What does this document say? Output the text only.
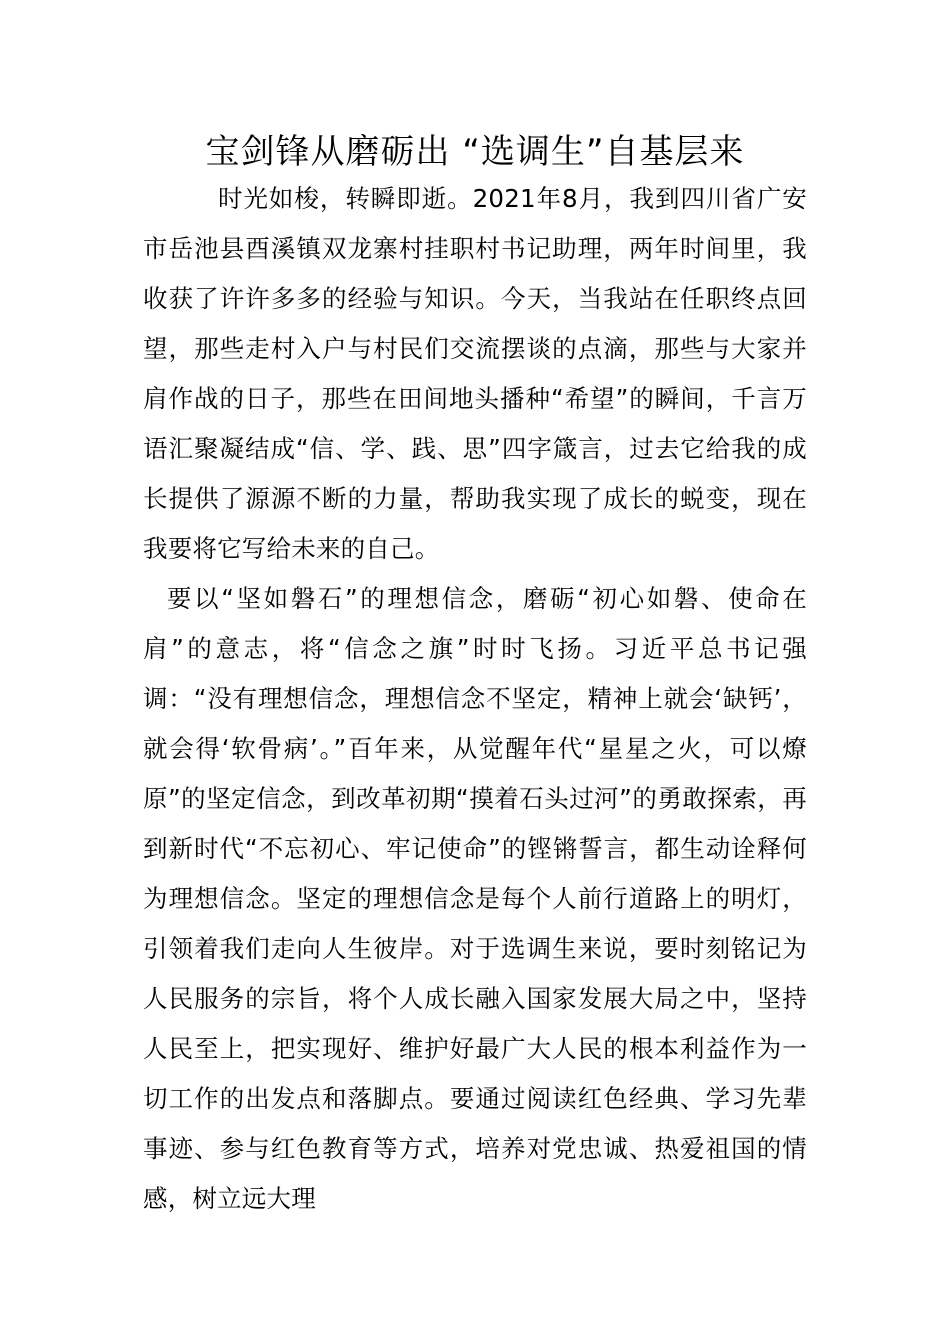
宝剑锋从磨砺出 “选调生”自基层来

时光如梭，转瞬即逝。2021年8月，我到四川省广安市岳池县酉溪镇双龙寨村挂职村书记助理，两年时间里，我收获了许许多多的经验与知识。今天，当我站在任职终点回望，那些走村入户与村民们交流摆谈的点滴，那些与大家并肩作战的日子，那些在田间地头播种“希望”的瞬间，千言万语汇聚凝结成“信、学、践、思”四字箴言，过去它给我的成长提供了源源不断的力量，帮助我实现了成长的蜕变，现在我要将它写给未来的自己。

要以“坚如磐石”的理想信念，磨砺“初心如磐、使命在肩”的意志，将“信念之旗”时时飞扬。习近平总书记强调：“没有理想信念，理想信念不坚定，精神上就会‘缺钙’，就会得‘软骨病’。”百年来，从觉醒年代“星星之火，可以燎原”的坚定信念，到改革初期“摸着石头过河”的勇敢探索，再到新时代“不忘初心、牢记使命”的铿锵誓言，都生动诠释何为理想信念。坚定的理想信念是每个人前行道路上的明灯，引领着我们走向人生彼岸。对于选调生来说，要时刻铭记为人民服务的宗旨，将个人成长融入国家发展大局之中，坚持人民至上，把实现好、维护好最广大人民的根本利益作为一切工作的出发点和落脚点。要通过阅读红色经典、学习先辈事迹、参与红色教育等方式，培养对党忠诚、热爱祖国的情感，树立远大理
